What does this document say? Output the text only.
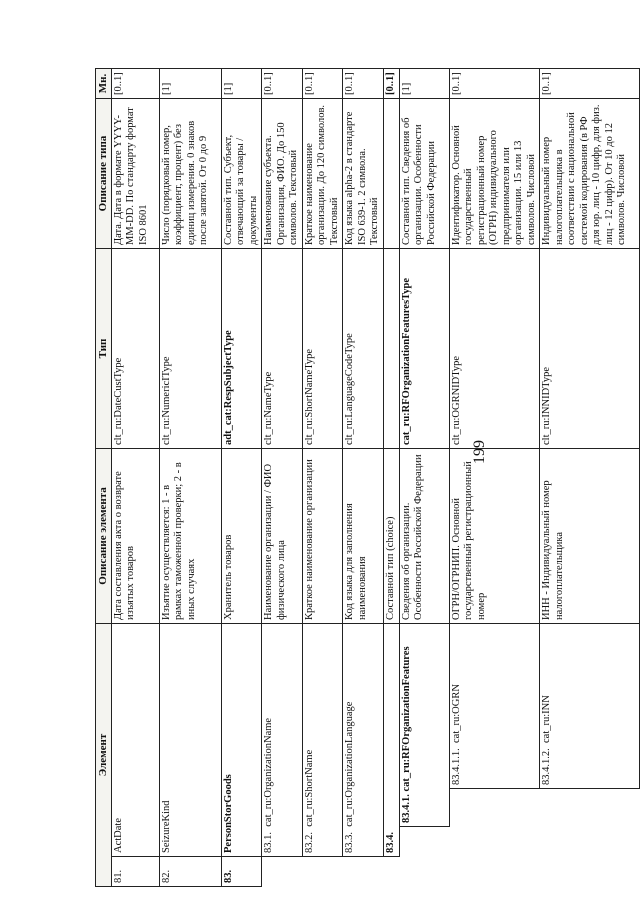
199
Элемент				Описание элемента	Тип	Описание типа	Мн.
81.	ActDate			Дата составления акта о возврате изъятых товаров	clt_ru:DateCustType	Дата. Дата в формате YYYY-MM-DD. По стандарту формат ISO 8601	[0..1]
82.	SeizureKind			Изъятие осуществляется: 1 - в рамках таможенной проверки; 2 - в иных случаях	clt_ru:NumericIType	Число (порядковый номер, коэффициент, процент) без единиц измерения. 0 знаков после запятой. От 0 до 9	[1]
83.	PersonStorGoods			Хранитель товаров	adt_cat:RespSubjectType	Составной тип. Субъект, отвечающий за товары / документы	[1]
	83.1.  cat_ru:OrganizationName			Наименование организации / ФИО физического лица	clt_ru:NameType	Наименование субъекта. Организация, ФИО. До 150 символов. Текстовый	[0..1]
	83.2.  cat_ru:ShortName			Краткое наименование организации	clt_ru:ShortNameType	Краткое наименование организации. До 120 символов. Текстовый	[0..1]
	83.3.  cat_ru:OrganizationLanguage			Код языка для заполнения наименования	clt_ru:LanguageCodeType	Код языка alpha-2 в стандарте ISO 639-1. 2 символа. Текстовый	[0..1]
	83.4.			Составной тип (choice)			[0..1]
		83.4.1. cat_ru:RFOrganizationFeatures		Сведения об организации. Особенности Российской Федерации	cat_ru:RFOrganizationFeaturesType	Составной тип. Сведения об организации. Особенности Российской Федерации	[1]
			83.4.1.1.  cat_ru:OGRN	ОГРН/ОГРНИП. Основной государственный регистрационный номер	clt_ru:OGRNIDType	Идентификатор. Основной государственный регистрационный номер (ОГРН) индивидуального предпринимателя или организации. 15 или 13 символов. Числовой	[0..1]
			83.4.1.2.  cat_ru:INN	ИНН - Индивидуальный номер налогоплательщика	clt_ru:INNIDType	Индивидуальный номер налогоплательщика в соответствии с национальной системой кодирования (в РФ для юр. лиц - 10 цифр, для физ. лиц - 12 цифр). От 10 до 12 символов. Числовой	[0..1]
